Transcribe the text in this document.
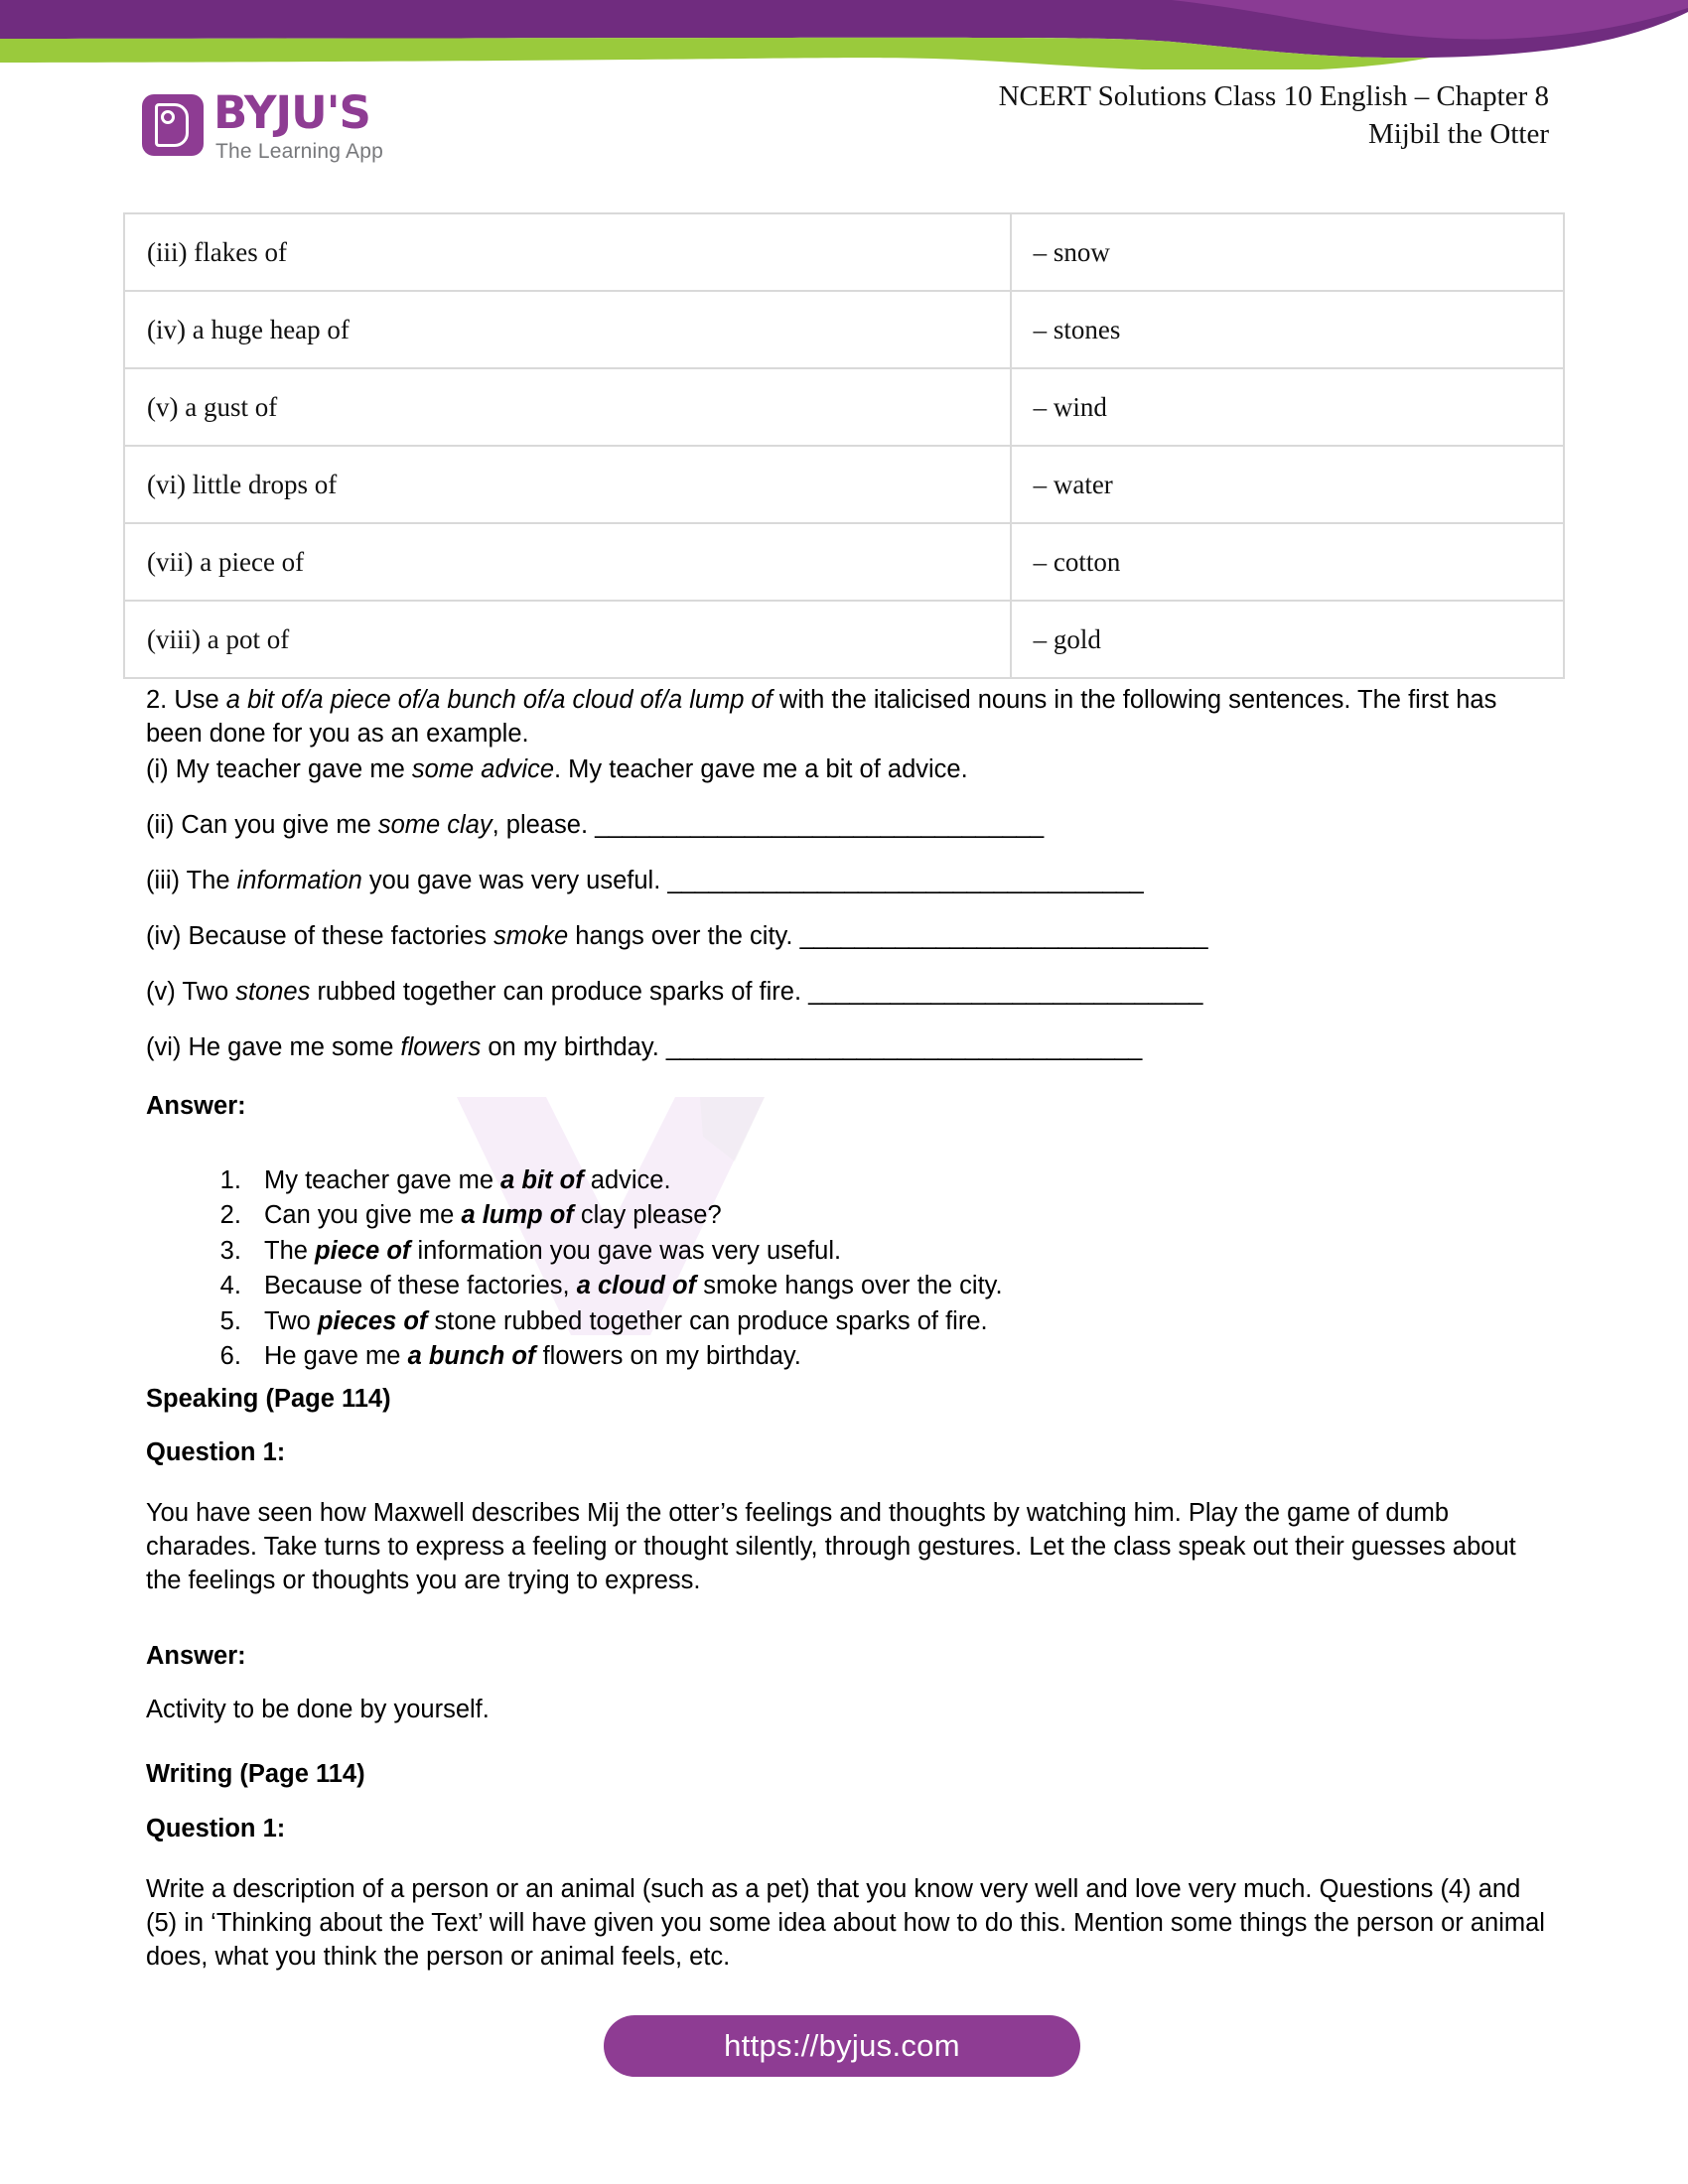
BYJU'S
The Learning App
NCERT Solutions Class 10 English – Chapter 8
Mijbil the Otter
(iii) flakes of	– snow
(iv) a huge heap of	– stones
(v) a gust of	– wind
(vi) little drops of	– water
(vii) a piece of	– cotton
(viii) a pot of	– gold
2. Use a bit of/a piece of/a bunch of/a cloud of/a lump of with the italicised nouns in the following sentences. The first has been done for you as an example.
(i) My teacher gave me some advice. My teacher gave me a bit of advice.
(ii) Can you give me some clay, please. _________________________________
(iii) The information you gave was very useful. ___________________________________
(iv) Because of these factories smoke hangs over the city. ______________________________
(v) Two stones rubbed together can produce sparks of fire. _____________________________
(vi) He gave me some flowers on my birthday. ___________________________________
Answer:
1. My teacher gave me a bit of advice.
2. Can you give me a lump of clay please?
3. The piece of information you gave was very useful.
4. Because of these factories, a cloud of smoke hangs over the city.
5. Two pieces of stone rubbed together can produce sparks of fire.
6. He gave me a bunch of flowers on my birthday.
Speaking (Page 114)
Question 1:
You have seen how Maxwell describes Mij the otter’s feelings and thoughts by watching him. Play the game of dumb charades. Take turns to express a feeling or thought silently, through gestures. Let the class speak out their guesses about the feelings or thoughts you are trying to express.
Answer:
Activity to be done by yourself.
Writing (Page 114)
Question 1:
Write a description of a person or an animal (such as a pet) that you know very well and love very much. Questions (4) and (5) in ‘Thinking about the Text’ will have given you some idea about how to do this. Mention some things the person or animal does, what you think the person or animal feels, etc.
https://byjus.com
